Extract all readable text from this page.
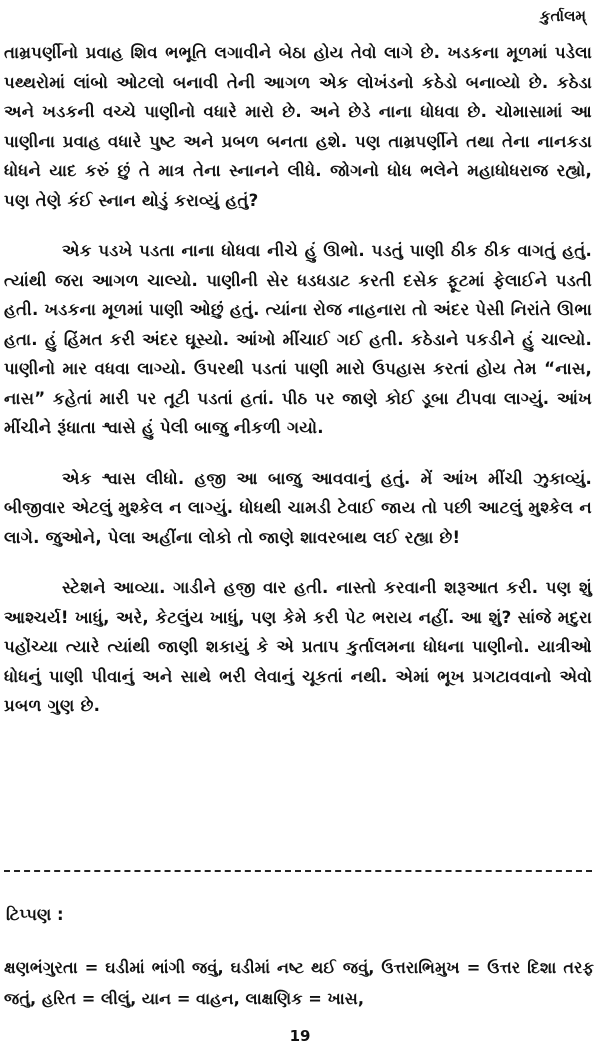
કુર્તાલમ્

તામ્રપર્ણીનો પ્રવાહ શિવ ભભૂતિ લગાવીને બેઠા હોય તેવો લાગે છે. ખડકના મૂળમાં પડેલા પથ્થરોમાં લાંબો ઓટલો બનાવી તેની આગળ એક લોખંડનો કઠેડો બનાવ્યો છે. કઠેડા અને ખડકની વચ્ચે પાણીનો વધારે મારો છે. અને છેડે નાના ધોધવા છે. ચોમાસામાં આ પાણીના પ્રવાહ વધારે પુષ્ટ અને પ્રબળ બનતા હશે. પણ તામ્રપર્ણીને તથા તેના નાનકડા ધોધને યાદ કરું છું તે માત્ર તેના સ્નાનને લીધે. જોગનો ધોધ ભલેને મહાધોધરાજ રહ્યો, પણ તેણે કંઈ સ્નાન થોડું કરાવ્યું હતું?

એક પડખે પડતા નાના ધોધવા નીચે હું ઊભો. પડતું પાણી ઠીક ઠીક વાગતું હતું. ત્યાંથી જરા આગળ ચાલ્યો. પાણીની સેર ધડધડાટ કરતી દસેક ફૂટમાં ફેલાઈને પડતી હતી. ખડકના મૂળમાં પાણી ઓછું હતું. ત્યાંના રોજ નાહનારા તો અંદર પેસી નિરાંતે ઊભા હતા. હું હિંમત કરી અંદર ઘૂસ્યો. આંખો મીંચાઈ ગઈ હતી. કઠેડાને પકડીને હું ચાલ્યો. પાણીનો માર વધવા લાગ્યો. ઉપરથી પડતાં પાણી મારો ઉપહાસ કરતાં હોય તેમ “નાસ, નાસ” કહેતાં મારી પર તૂટી પડતાં હતાં. પીઠ પર જાણે કોઈ ડૂબા ટીપવા લાગ્યું. આંખ મીંચીને રૂંધાતા શ્વાસે હું પેલી બાજુ નીકળી ગયો.

એક શ્વાસ લીધો. હજી આ બાજુ આવવાનું હતું. મેં આંખ મીંચી ઝુકાવ્યું. બીજીવાર એટલું મુશ્કેલ ન લાગ્યું. ધોધથી ચામડી ટેવાઈ જાય તો પછી આટલું મુશ્કેલ ન લાગે. જુઓને, પેલા અહીંના લોકો તો જાણે શાવરબાથ લઈ રહ્યા છે!

સ્ટેશને આવ્યા. ગાડીને હજી વાર હતી. નાસ્તો કરવાની શરૂઆત કરી. પણ શું આશ્ચર્ય! ખાધું, અરે, કેટલુંય ખાધું, પણ કેમે કરી પેટ ભરાય નહીં. આ શું? સાંજે મદુરા પહોંચ્યા ત્યારે ત્યાંથી જાણી શકાયું કે એ પ્રતાપ કુર્તાલમના ધોધના પાણીનો. યાત્રીઓ ધોધનું પાણી પીવાનું અને સાથે ભરી લેવાનું ચૂકતાં નથી. એમાં ભૂખ પ્રગટાવવાનો એવો પ્રબળ ગુણ છે.

ટિપ્પણ :
ક્ષણભંગુરતા = ઘડીમાં ભાંગી જવું, ઘડીમાં નષ્ટ થઈ જવું, ઉત્તરાભિમુખ = ઉત્તર દિશા તરફ જતું, હરિત = લીલું, યાન = વાહન, લાક્ષણિક = ખાસ,
19
